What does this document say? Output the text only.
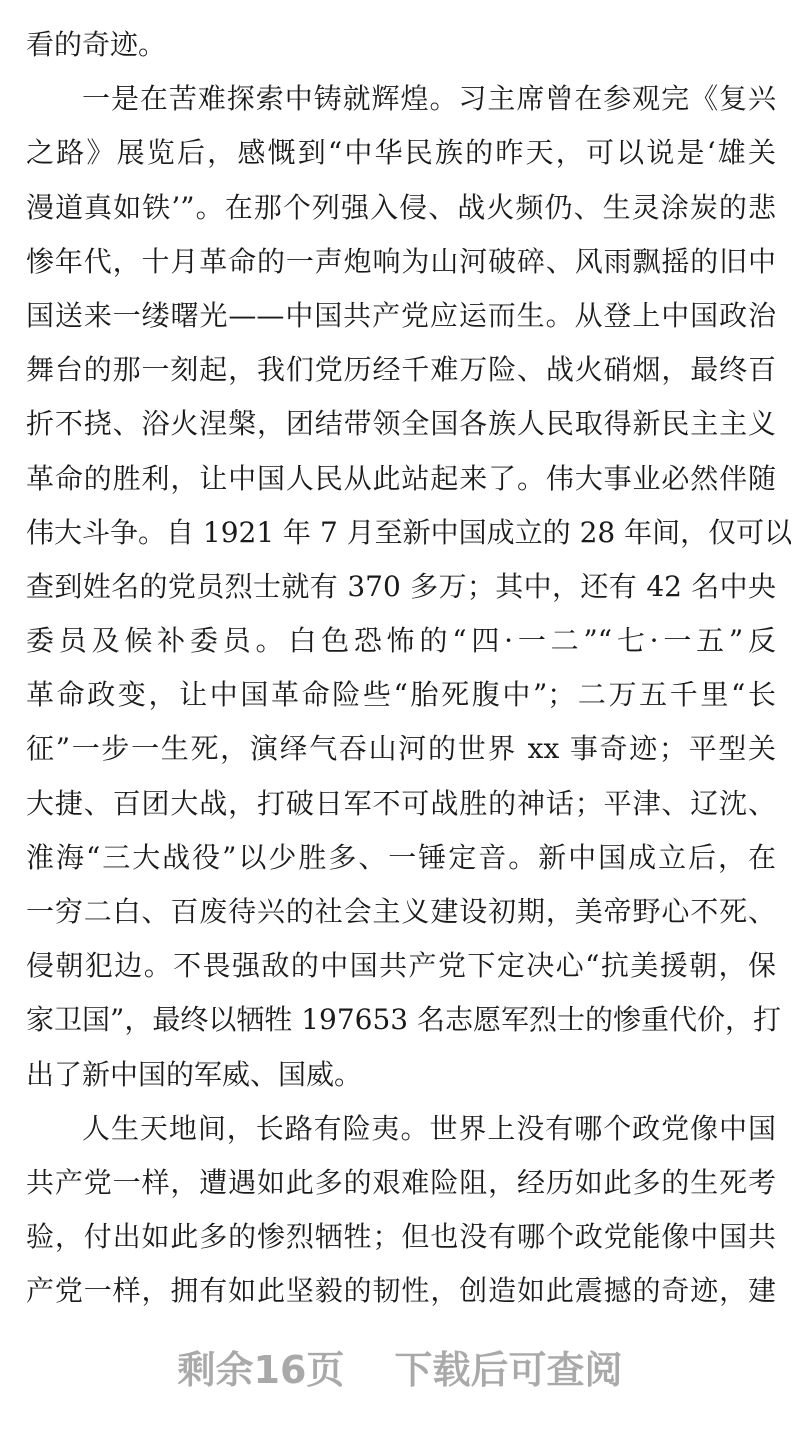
看的奇迹。
一是在苦难探索中铸就辉煌。习主席曾在参观完《复兴
之路》展览后，感慨到“中华民族的昨天，可以说是‘雄关
漫道真如铁’”。在那个列强入侵、战火频仍、生灵涂炭的悲
惨年代，十月革命的一声炮响为山河破碎、风雨飘摇的旧中
国送来一缕曙光——中国共产党应运而生。从登上中国政治
舞台的那一刻起，我们党历经千难万险、战火硝烟，最终百
折不挠、浴火涅槃，团结带领全国各族人民取得新民主主义
革命的胜利，让中国人民从此站起来了。伟大事业必然伴随
伟大斗争。自 1921 年 7 月至新中国成立的 28 年间，仅可以
查到姓名的党员烈士就有 370 多万；其中，还有 42 名中央
委员及候补委员。白色恐怖的“四·一二”“七·一五”反
革命政变，让中国革命险些“胎死腹中”；二万五千里“长
征”一步一生死，演绎气吞山河的世界 xx 事奇迹；平型关
大捷、百团大战，打破日军不可战胜的神话；平津、辽沈、
淮海“三大战役”以少胜多、一锤定音。新中国成立后，在
一穷二白、百废待兴的社会主义建设初期，美帝野心不死、
侵朝犯边。不畏强敌的中国共产党下定决心“抗美援朝，保
家卫国”，最终以牺牲 197653 名志愿军烈士的惨重代价，打
出了新中国的军威、国威。
人生天地间，长路有险夷。世界上没有哪个政党像中国
共产党一样，遭遇如此多的艰难险阻，经历如此多的生死考
验，付出如此多的惨烈牺牲；但也没有哪个政党能像中国共
产党一样，拥有如此坚毅的韧性，创造如此震撼的奇迹，建
剩余16页 下载后可查阅
